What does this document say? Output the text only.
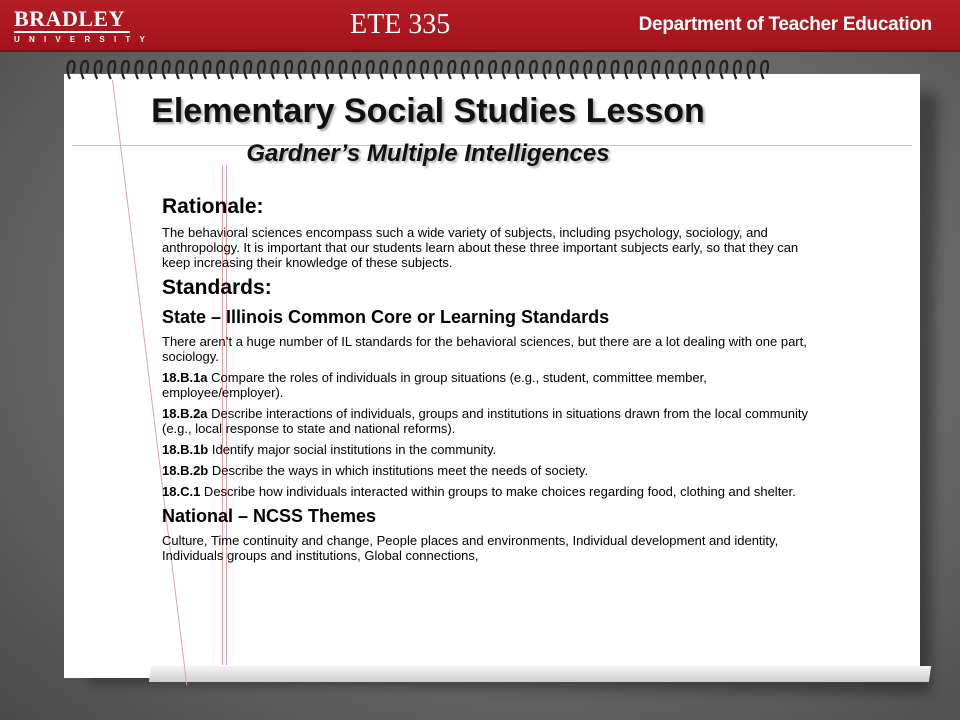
BRADLEY
UNIVERSITY	ETE 335	Department of Teacher Education
Elementary Social Studies Lesson
Gardner’s Multiple Intelligences
Rationale:
The behavioral sciences encompass such a wide variety of subjects, including psychology, sociology, and anthropology. It is important that our students learn about these three important subjects early, so that they can keep increasing their knowledge of these subjects.
Standards:
State – Illinois Common Core or Learning Standards
There aren’t a huge number of IL standards for the behavioral sciences, but there are a lot dealing with one part, sociology.
18.B.1a Compare the roles of individuals in group situations (e.g., student, committee member, employee/employer).
18.B.2a Describe interactions of individuals, groups and institutions in situations drawn from the local community (e.g., local response to state and national reforms).
18.B.1b Identify major social institutions in the community.
18.B.2b Describe the ways in which institutions meet the needs of society.
18.C.1 Describe how individuals interacted within groups to make choices regarding food, clothing and shelter.
National – NCSS Themes
Culture, Time continuity and change, People places and environments, Individual development and identity, Individuals groups and institutions, Global connections,
